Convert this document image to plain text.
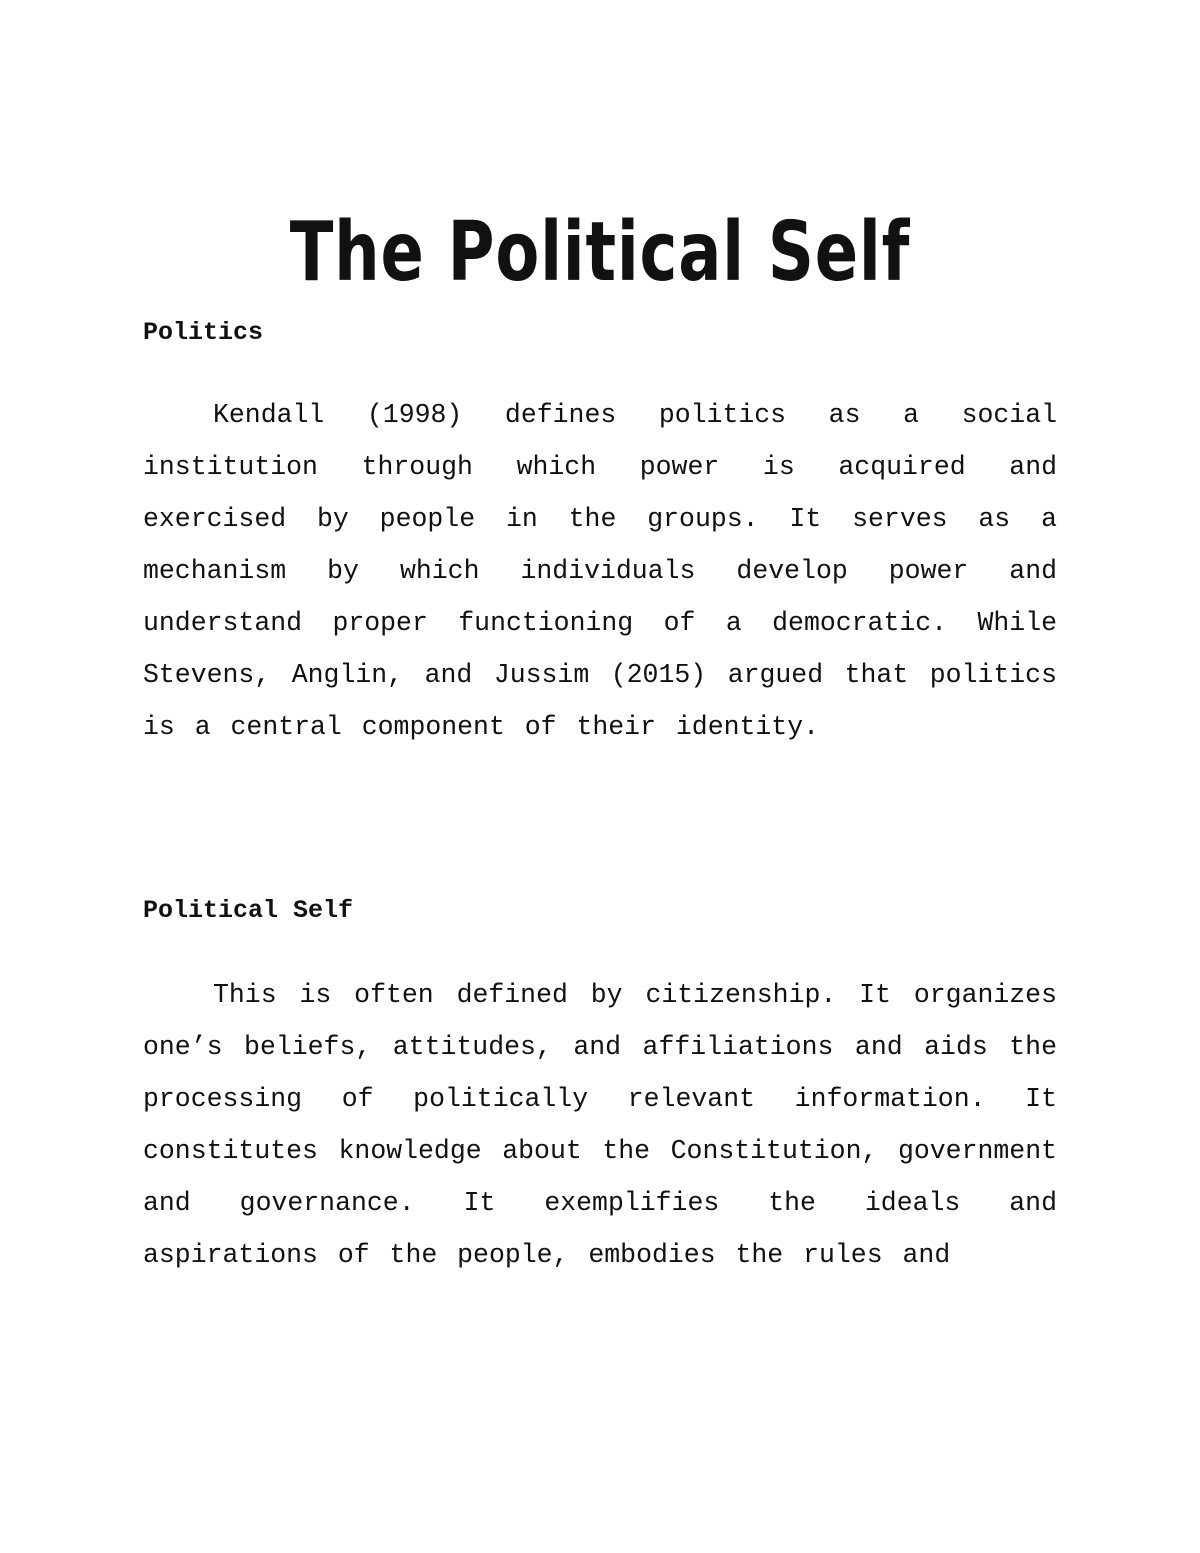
The Political Self
Politics

Kendall (1998) defines politics as a social institution through which power is acquired and exercised by people in the groups. It serves as a mechanism by which individuals develop power and understand proper functioning of a democratic. While Stevens, Anglin, and Jussim (2015) argued that politics is a central component of their identity.

Political Self

This is often defined by citizenship. It organizes one’s beliefs, attitudes, and affiliations and aids the processing of politically relevant information. It constitutes knowledge about the Constitution, government and governance. It exemplifies the ideals and aspirations of the people, embodies the rules and
